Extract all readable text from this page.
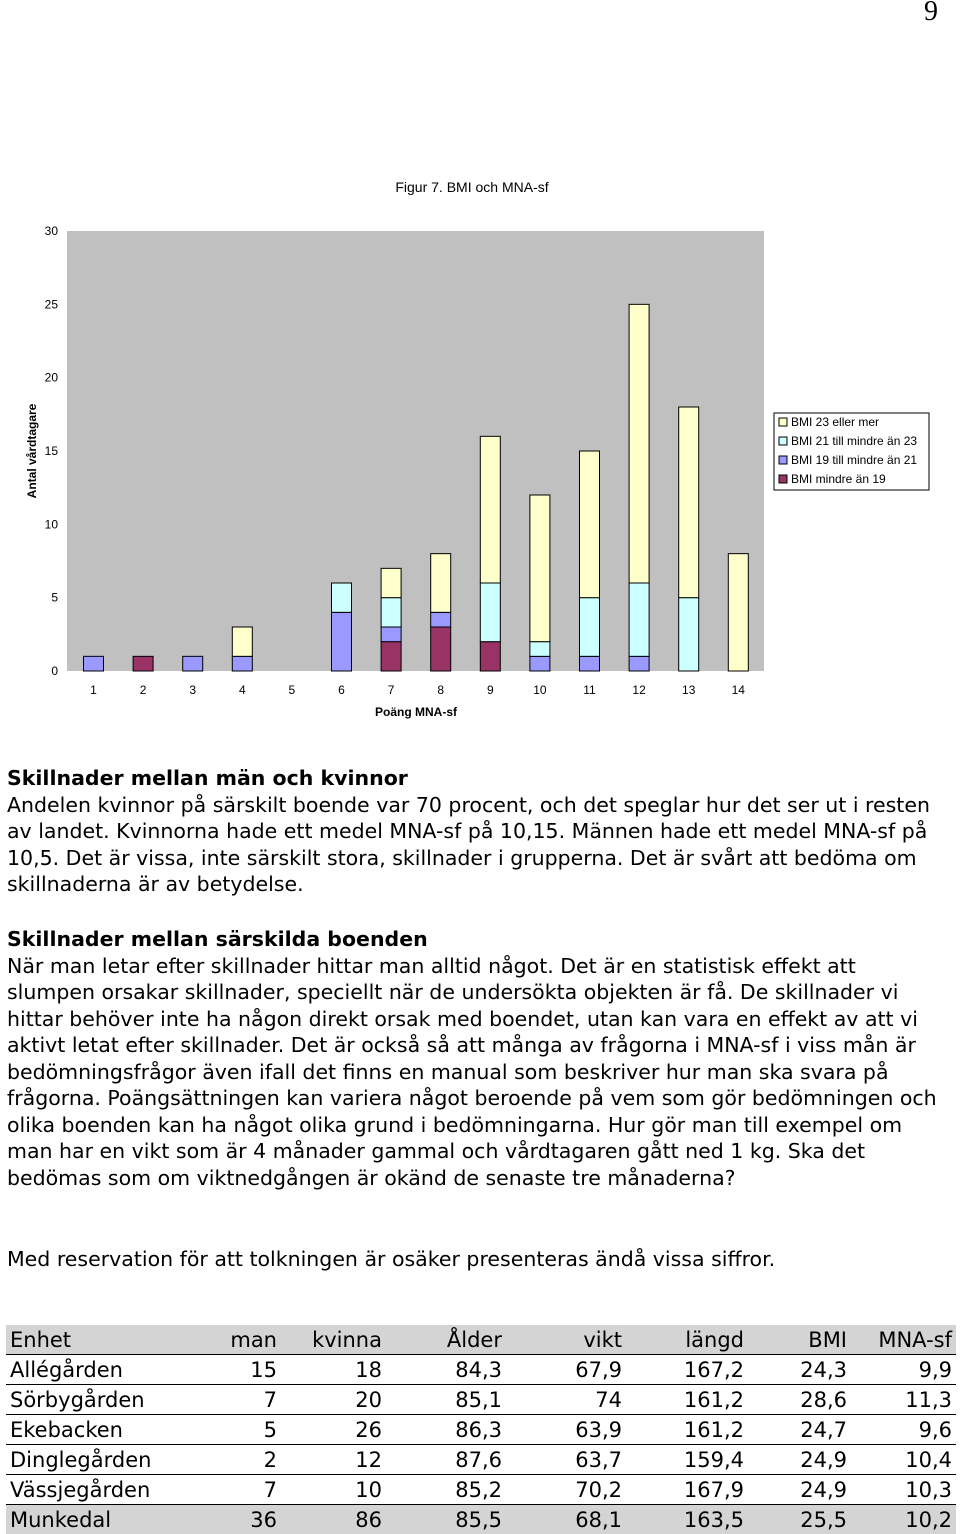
9
Figur 7. BMI och MNA-sf
0
5
10
15
20
25
30
1	2	3	4	5	6	7	8	9	10	11	12	13	14
Antal vårdtagare
Poäng MNA-sf
BMI 23 eller mer
BMI 21 till mindre än 23
BMI 19 till mindre än 21
BMI mindre än 19
Skillnader mellan män och kvinnor

Andelen kvinnor på särskilt boende var 70 procent, och det speglar hur det ser ut i resten av landet. Kvinnorna hade ett medel MNA-sf på 10,15. Männen hade ett medel MNA-sf på 10,5. Det är vissa, inte särskilt stora, skillnader i grupperna. Det är svårt att bedöma om skillnaderna är av betydelse.

Skillnader mellan särskilda boenden

När man letar efter skillnader hittar man alltid något. Det är en statistisk effekt att slumpen orsakar skillnader, speciellt när de undersökta objekten är få. De skillnader vi hittar behöver inte ha någon direkt orsak med boendet, utan kan vara en effekt av att vi aktivt letat efter skillnader. Det är också så att många av frågorna i MNA-sf i viss mån är bedömningsfrågor även ifall det finns en manual som beskriver hur man ska svara på frågorna. Poängsättningen kan variera något beroende på vem som gör bedömningen och olika boenden kan ha något olika grund i bedömningarna. Hur gör man till exempel om man har en vikt som är 4 månader gammal och vårdtagaren gått ned 1 kg. Ska det bedömas som om viktnedgången är okänd de senaste tre månaderna?

Med reservation för att tolkningen är osäker presenteras ändå vissa siffror.

Enhet	man	kvinna	Ålder	vikt	längd	BMI	MNA-sf
Allégården	15	18	84,3	67,9	167,2	24,3	9,9
Sörbygården	7	20	85,1	74	161,2	28,6	11,3
Ekebacken	5	26	86,3	63,9	161,2	24,7	9,6
Dinglegården	2	12	87,6	63,7	159,4	24,9	10,4
Vässjegården	7	10	85,2	70,2	167,9	24,9	10,3
Munkedal	36	86	85,5	68,1	163,5	25,5	10,2
